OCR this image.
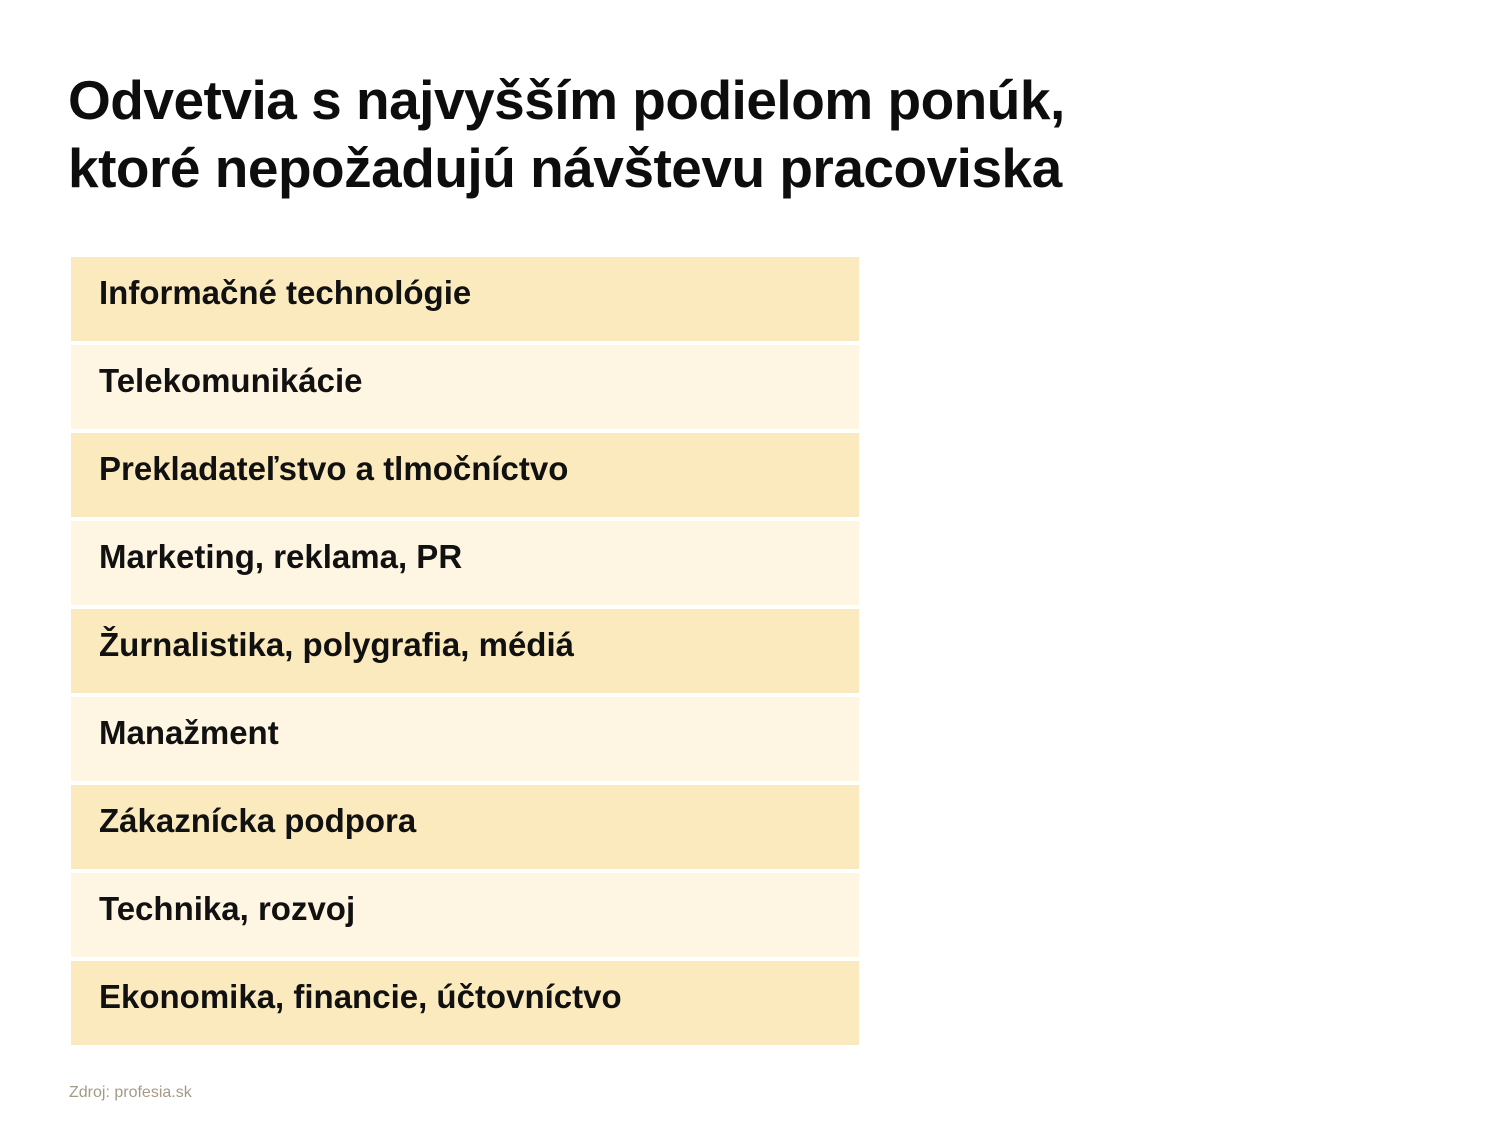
Odvetvia s najvyšším podielom ponúk,
ktoré nepožadujú návštevu pracoviska
Informačné technológie
Telekomunikácie
Prekladateľstvo a tlmočníctvo
Marketing, reklama, PR
Žurnalistika, polygrafia, médiá
Manažment
Zákaznícka podpora
Technika, rozvoj
Ekonomika, financie, účtovníctvo
Zdroj: profesia.sk
